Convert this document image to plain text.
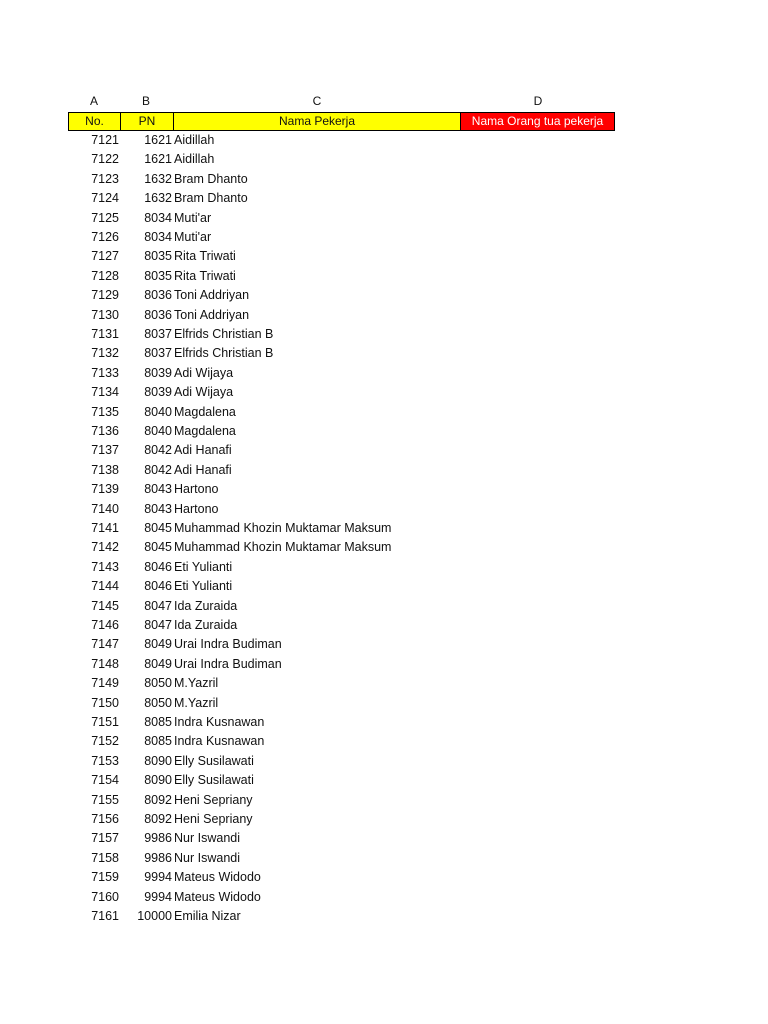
A	B	C	D
No.	PN	Nama Pekerja	Nama Orang tua pekerja
7121	1621 Aidillah
7122	1621 Aidillah
7123	1632 Bram Dhanto
7124	1632 Bram Dhanto
7125	8034 Muti'ar
7126	8034 Muti'ar
7127	8035 Rita Triwati
7128	8035 Rita Triwati
7129	8036 Toni Addriyan
7130	8036 Toni Addriyan
7131	8037 Elfrids Christian B
7132	8037 Elfrids Christian B
7133	8039 Adi Wijaya
7134	8039 Adi Wijaya
7135	8040 Magdalena
7136	8040 Magdalena
7137	8042 Adi Hanafi
7138	8042 Adi Hanafi
7139	8043 Hartono
7140	8043 Hartono
7141	8045 Muhammad Khozin Muktamar Maksum
7142	8045 Muhammad Khozin Muktamar Maksum
7143	8046 Eti Yulianti
7144	8046 Eti Yulianti
7145	8047 Ida Zuraida
7146	8047 Ida Zuraida
7147	8049 Urai Indra Budiman
7148	8049 Urai Indra Budiman
7149	8050 M.Yazril
7150	8050 M.Yazril
7151	8085 Indra Kusnawan
7152	8085 Indra Kusnawan
7153	8090 Elly Susilawati
7154	8090 Elly Susilawati
7155	8092 Heni Sepriany
7156	8092 Heni Sepriany
7157	9986 Nur Iswandi
7158	9986 Nur Iswandi
7159	9994 Mateus Widodo
7160	9994 Mateus Widodo
7161	10000 Emilia Nizar
